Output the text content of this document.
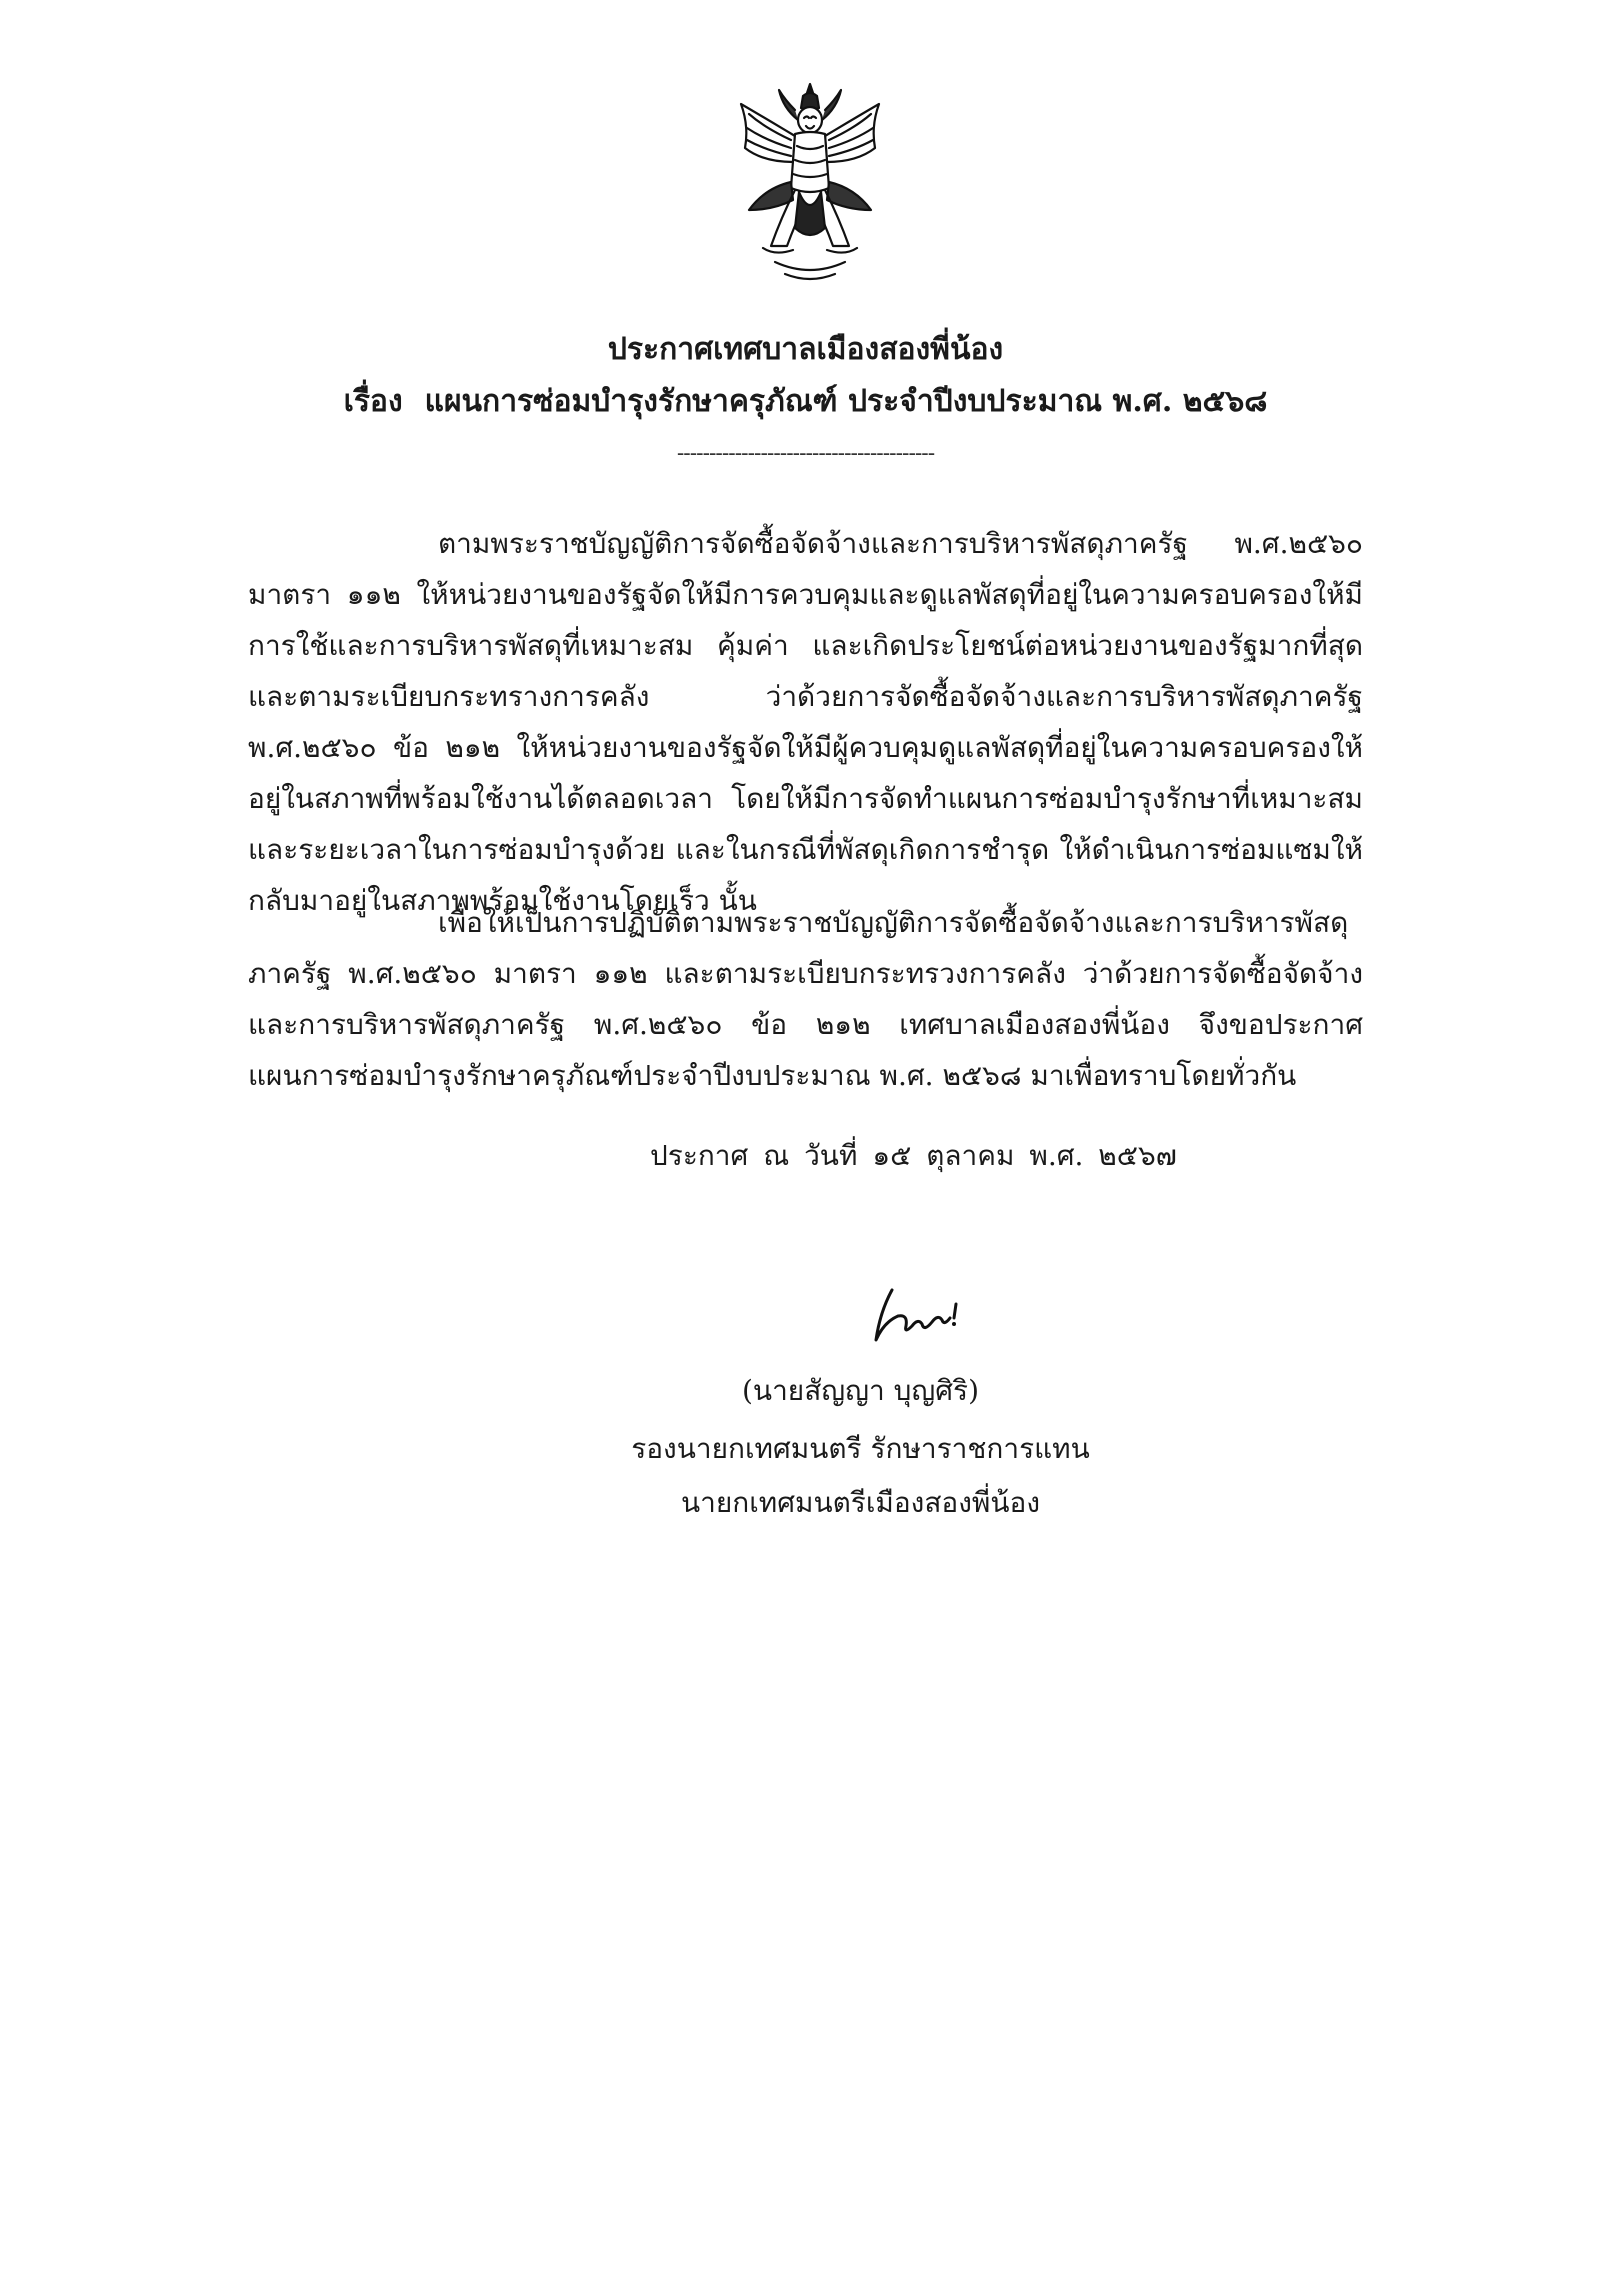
ประกาศเทศบาลเมืองสองพี่น้อง
เรื่อง แผนการซ่อมบำรุงรักษาครุภัณฑ์ ประจำปีงบประมาณ พ.ศ. ๒๕๖๘
----------------------------------------
ตามพระราชบัญญัติการจัดซื้อจัดจ้างและการบริหารพัสดุภาครัฐ พ.ศ.๒๕๖๐ มาตรา ๑๑๒ ให้หน่วยงานของรัฐจัดให้มีการควบคุมและดูแลพัสดุที่อยู่ในความครอบครองให้มีการใช้และการบริหารพัสดุที่เหมาะสม คุ้มค่า และเกิดประโยชน์ต่อหน่วยงานของรัฐมากที่สุด และตามระเบียบกระทรางการคลัง ว่าด้วยการจัดซื้อจัดจ้างและการบริหารพัสดุภาครัฐ พ.ศ.๒๕๖๐ ข้อ ๒๑๒ ให้หน่วยงานของรัฐจัดให้มีผู้ควบคุมดูแลพัสดุที่อยู่ในความครอบครองให้อยู่ในสภาพที่พร้อมใช้งานได้ตลอดเวลา โดยให้มีการจัดทำแผนการซ่อมบำรุงรักษาที่เหมาะสมและระยะเวลาในการซ่อมบำรุงด้วย และในกรณีที่พัสดุเกิดการชำรุด ให้ดำเนินการซ่อมแซมให้กลับมาอยู่ในสภาพพร้อมใช้งานโดยเร็ว นั้น
เพื่อให้เป็นการปฏิบัติตามพระราชบัญญัติการจัดซื้อจัดจ้างและการบริหารพัสดุภาครัฐ พ.ศ.๒๕๖๐ มาตรา ๑๑๒ และตามระเบียบกระทรวงการคลัง ว่าด้วยการจัดซื้อจัดจ้างและการบริหารพัสดุภาครัฐ พ.ศ.๒๕๖๐ ข้อ ๒๑๒ เทศบาลเมืองสองพี่น้อง จึงขอประกาศแผนการซ่อมบำรุงรักษาครุภัณฑ์ประจำปีงบประมาณ พ.ศ. ๒๕๖๘ มาเพื่อทราบโดยทั่วกัน
ประกาศ ณ วันที่ ๑๕ ตุลาคม พ.ศ. ๒๕๖๗
(นายสัญญา บุญศิริ)
รองนายกเทศมนตรี รักษาราชการแทน
นายกเทศมนตรีเมืองสองพี่น้อง
